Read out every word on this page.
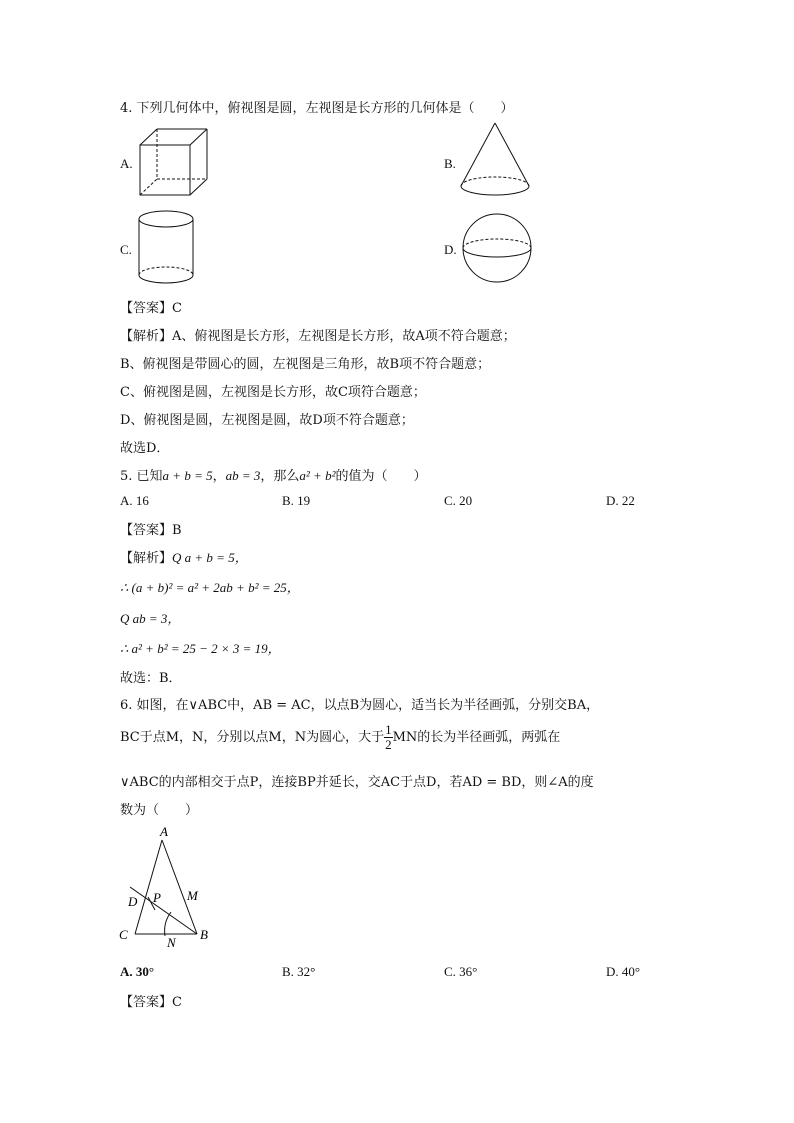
4. 下列几何体中，俯视图是圆，左视图是长方形的几何体是（　　）
A.	B.
C.	D.
【答案】C
【解析】A、俯视图是长方形，左视图是长方形，故A项不符合题意；
B、俯视图是带圆心的圆，左视图是三角形，故B项不符合题意；
C、俯视图是圆，左视图是长方形，故C项符合题意；
D、俯视图是圆，左视图是圆，故D项不符合题意；
故选D．
5. 已知a + b = 5，ab = 3，那么a² + b²的值为（　　）
A. 16	B. 19	C. 20	D. 22
【答案】B
【解析】Q a + b = 5，
∴ (a + b)² = a² + 2ab + b² = 25，
Q ab = 3，
∴ a² + b² = 25 − 2 × 3 = 19，
故选：B．
6. 如图，在∨ABC中，AB = AC，以点B为圆心，适当长为半径画弧，分别交BA，
BC于点M，N，分别以点M，N为圆心，大于 $\frac{1}{2}$ MN的长为半径画弧，两弧在
∨ABC的内部相交于点P，连接BP并延长，交AC于点D，若AD = BD，则∠A的度
数为（　　）
A
P M
D
C
N
B
A. 30°	B. 32°	C. 36°	D. 40°
【答案】C
